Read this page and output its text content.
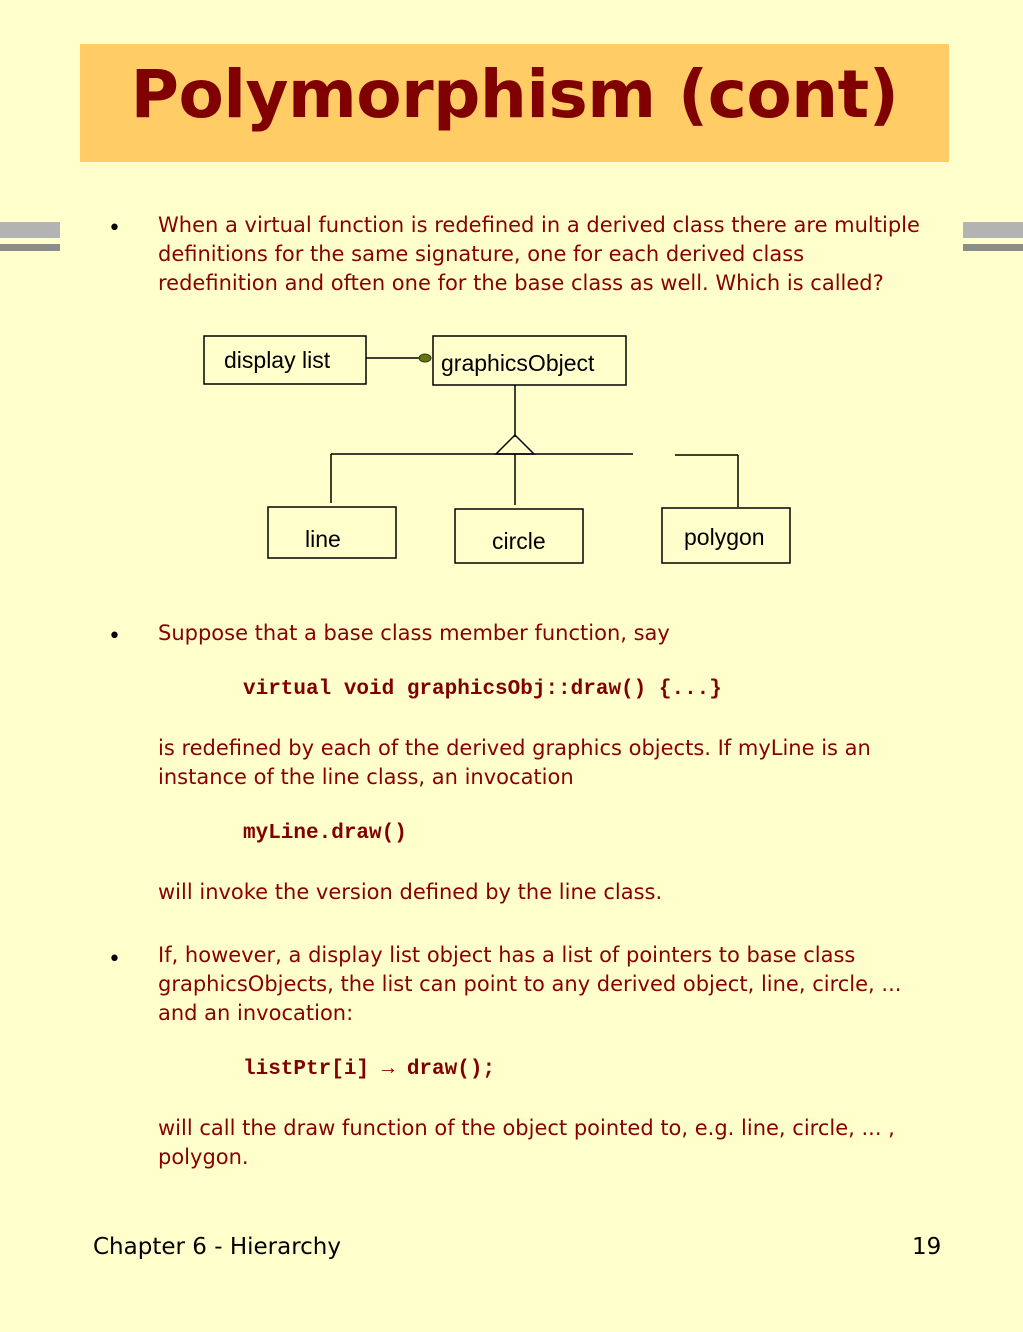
Polymorphism (cont)
• When a virtual function is redefined in a derived class there are multiple
definitions for the same signature, one for each derived class
redefinition and often one for the base class as well. Which is called?
display list	graphicsObject
line	circle	polygon
• Suppose that a base class member function, say
virtual void graphicsObj::draw() {...}
is redefined by each of the derived graphics objects. If myLine is an
instance of the line class, an invocation
myLine.draw()
will invoke the version defined by the line class.
• If, however, a display list object has a list of pointers to base class
graphicsObjects, the list can point to any derived object, line, circle, ...
and an invocation:
listPtr[i] → draw();
will call the draw function of the object pointed to, e.g. line, circle, ... ,
polygon.
Chapter 6 - Hierarchy	19
